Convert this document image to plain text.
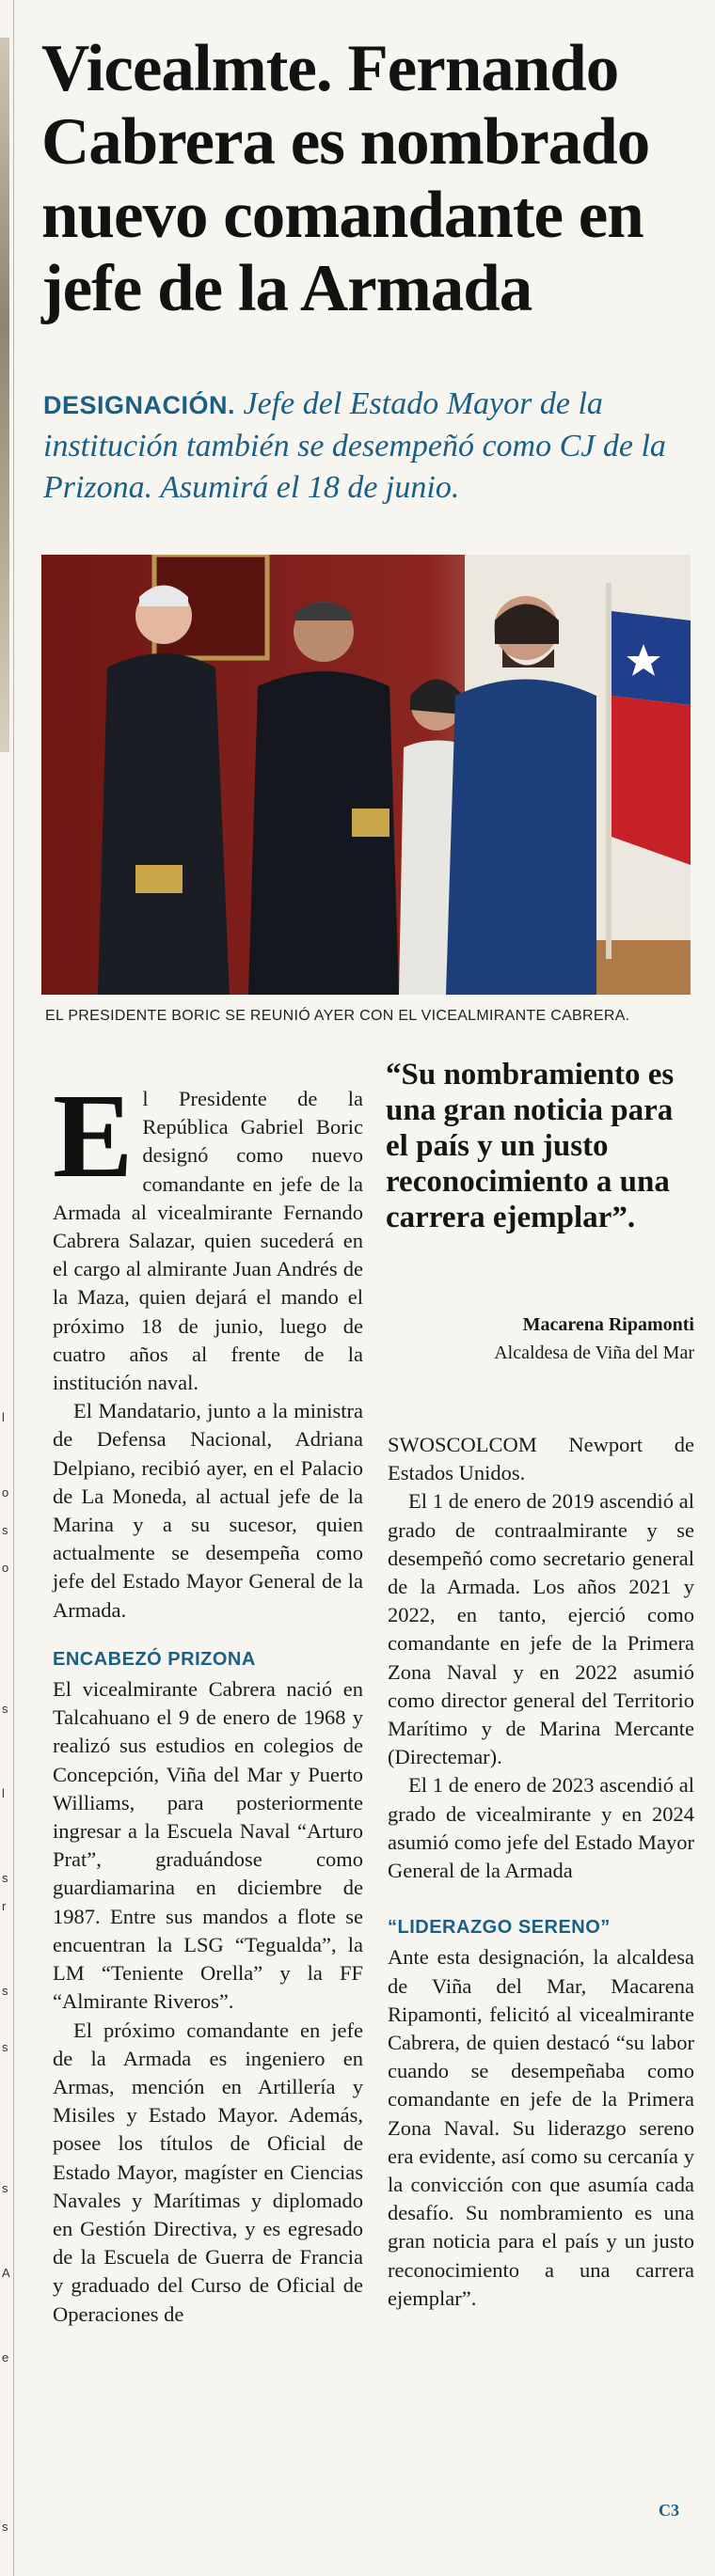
l
o
s
o
s
l
s
r
s
s
s
A
e
s
Vicealmte. Fernando Cabrera es nombrado nuevo comandante en jefe de la Armada
DESIGNACIÓN. Jefe del Estado Mayor de la institución también se desempeñó como CJ de la Prizona. Asumirá el 18 de junio.
EL PRESIDENTE BORIC SE REUNIÓ AYER CON EL VICEALMIRANTE CABRERA.

El Presidente de la República Gabriel Boric designó como nuevo comandante en jefe de la Armada al vicealmirante Fernando Cabrera Salazar, quien sucederá en el cargo al almirante Juan Andrés de la Maza, quien dejará el mando el próximo 18 de junio, luego de cuatro años al frente de la institución naval.

El Mandatario, junto a la ministra de Defensa Nacional, Adriana Delpiano, recibió ayer, en el Palacio de La Moneda, al actual jefe de la Marina y a su sucesor, quien actualmente se desempeña como jefe del Estado Mayor General de la Armada.

ENCABEZÓ PRIZONA

El vicealmirante Cabrera nació en Talcahuano el 9 de enero de 1968 y realizó sus estudios en colegios de Concepción, Viña del Mar y Puerto Williams, para posteriormente ingresar a la Escuela Naval “Arturo Prat”, graduándose como guardiamarina en diciembre de 1987. Entre sus mandos a flote se encuentran la LSG “Tegualda”, la LM “Teniente Orella” y la FF “Almirante Riveros”.

El próximo comandante en jefe de la Armada es ingeniero en Armas, mención en Artillería y Misiles y Estado Mayor. Además, posee los títulos de Oficial de Estado Mayor, magíster en Ciencias Navales y Marítimas y diplomado en Gestión Directiva, y es egresado de la Escuela de Guerra de Francia y graduado del Curso de Oficial de Operaciones de

“Su nombramiento es una gran noticia para el país y un justo reconocimiento a una carrera ejemplar”.
Macarena Ripamonti
Alcaldesa de Viña del Mar

SWOSCOLCOM Newport de Estados Unidos.

El 1 de enero de 2019 ascendió al grado de contraalmirante y se desempeñó como secretario general de la Armada. Los años 2021 y 2022, en tanto, ejerció como comandante en jefe de la Primera Zona Naval y en 2022 asumió como director general del Territorio Marítimo y de Marina Mercante (Directemar).

El 1 de enero de 2023 ascendió al grado de vicealmirante y en 2024 asumió como jefe del Estado Mayor General de la Armada

“LIDERAZGO SERENO”

Ante esta designación, la alcaldesa de Viña del Mar, Macarena Ripamonti, felicitó al vicealmirante Cabrera, de quien destacó “su labor cuando se desempeñaba como comandante en jefe de la Primera Zona Naval. Su liderazgo sereno era evidente, así como su cercanía y la convicción con que asumía cada desafío. Su nombramiento es una gran noticia para el país y un justo reconocimiento a una carrera ejemplar”.

C3
